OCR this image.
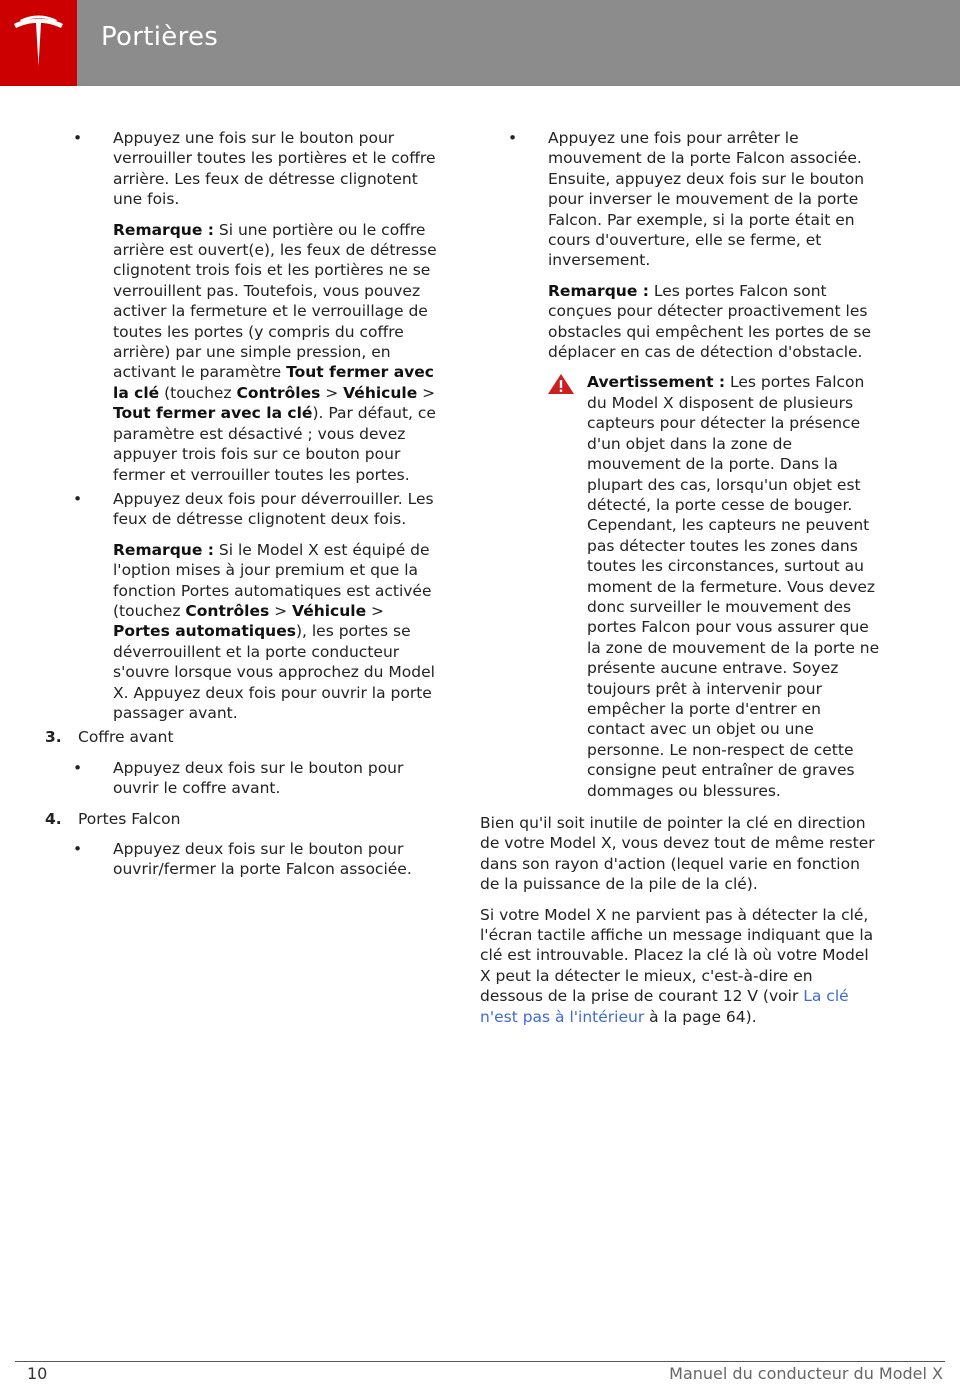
Portières
• Appuyez une fois sur le bouton pour verrouiller toutes les portières et le coffre arrière. Les feux de détresse clignotent une fois.
Remarque : Si une portière ou le coffre arrière est ouvert(e), les feux de détresse clignotent trois fois et les portières ne se verrouillent pas. Toutefois, vous pouvez activer la fermeture et le verrouillage de toutes les portes (y compris du coffre arrière) par une simple pression, en activant le paramètre Tout fermer avec la clé (touchez Contrôles > Véhicule > Tout fermer avec la clé). Par défaut, ce paramètre est désactivé ; vous devez appuyer trois fois sur ce bouton pour fermer et verrouiller toutes les portes.
• Appuyez deux fois pour déverrouiller. Les feux de détresse clignotent deux fois.
Remarque : Si le Model X est équipé de l'option mises à jour premium et que la fonction Portes automatiques est activée (touchez Contrôles > Véhicule > Portes automatiques), les portes se déverrouillent et la porte conducteur s'ouvre lorsque vous approchez du Model X. Appuyez deux fois pour ouvrir la porte passager avant.
3. Coffre avant
• Appuyez deux fois sur le bouton pour ouvrir le coffre avant.
4. Portes Falcon
• Appuyez deux fois sur le bouton pour ouvrir/fermer la porte Falcon associée.
• Appuyez une fois pour arrêter le mouvement de la porte Falcon associée. Ensuite, appuyez deux fois sur le bouton pour inverser le mouvement de la porte Falcon. Par exemple, si la porte était en cours d'ouverture, elle se ferme, et inversement.
Remarque : Les portes Falcon sont conçues pour détecter proactivement les obstacles qui empêchent les portes de se déplacer en cas de détection d'obstacle.
Avertissement : Les portes Falcon du Model X disposent de plusieurs capteurs pour détecter la présence d'un objet dans la zone de mouvement de la porte. Dans la plupart des cas, lorsqu'un objet est détecté, la porte cesse de bouger. Cependant, les capteurs ne peuvent pas détecter toutes les zones dans toutes les circonstances, surtout au moment de la fermeture. Vous devez donc surveiller le mouvement des portes Falcon pour vous assurer que la zone de mouvement de la porte ne présente aucune entrave. Soyez toujours prêt à intervenir pour empêcher la porte d'entrer en contact avec un objet ou une personne. Le non-respect de cette consigne peut entraîner de graves dommages ou blessures.

Bien qu'il soit inutile de pointer la clé en direction de votre Model X, vous devez tout de même rester dans son rayon d'action (lequel varie en fonction de la puissance de la pile de la clé).

Si votre Model X ne parvient pas à détecter la clé, l'écran tactile affiche un message indiquant que la clé est introuvable. Placez la clé là où votre Model X peut la détecter le mieux, c'est-à-dire en dessous de la prise de courant 12 V (voir La clé n'est pas à l'intérieur à la page 64).

10	Manuel du conducteur du Model X
